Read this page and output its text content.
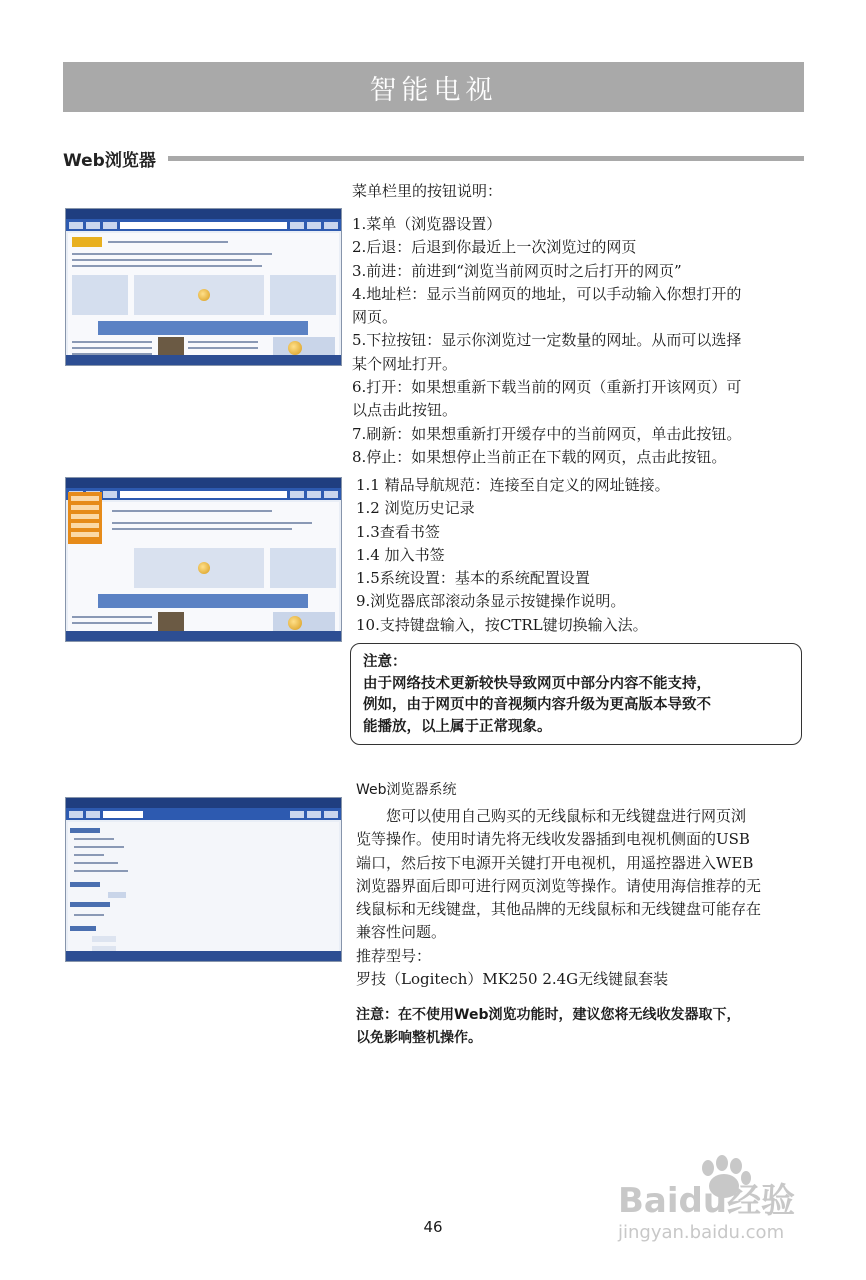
智能电视
Web浏览器

菜单栏里的按钮说明：

1.菜单（浏览器设置）

2.后退：后退到你最近上一次浏览过的网页

3.前进：前进到“浏览当前网页时之后打开的网页”

4.地址栏：显示当前网页的地址，可以手动输入你想打开的

网页。

5.下拉按钮：显示你浏览过一定数量的网址。从而可以选择

某个网址打开。

6.打开：如果想重新下载当前的网页（重新打开该网页）可

以点击此按钮。

7.刷新：如果想重新打开缓存中的当前网页，单击此按钮。

8.停止：如果想停止当前正在下载的网页，点击此按钮。

1.1 精品导航规范：连接至自定义的网址链接。

1.2 浏览历史记录

1.3查看书签

1.4 加入书签

1.5系统设置：基本的系统配置设置

9.浏览器底部滚动条显示按键操作说明。

10.支持键盘输入，按CTRL键切换输入法。

注意：

由于网络技术更新较快导致网页中部分内容不能支持，

例如，由于网页中的音视频内容升级为更高版本导致不

能播放，以上属于正常现象。

Web浏览器系统

　　您可以使用自己购买的无线鼠标和无线键盘进行网页浏

览等操作。使用时请先将无线收发器插到电视机侧面的USB

端口，然后按下电源开关键打开电视机，用遥控器进入WEB

浏览器界面后即可进行网页浏览等操作。请使用海信推荐的无

线鼠标和无线键盘，其他品牌的无线鼠标和无线键盘可能存在

兼容性问题。

推荐型号：

罗技（Logitech）MK250 2.4G无线键鼠套装

注意：在不使用Web浏览功能时，建议您将无线收发器取下，

以免影响整机操作。

46
Baidu经验
jingyan.baidu.com
